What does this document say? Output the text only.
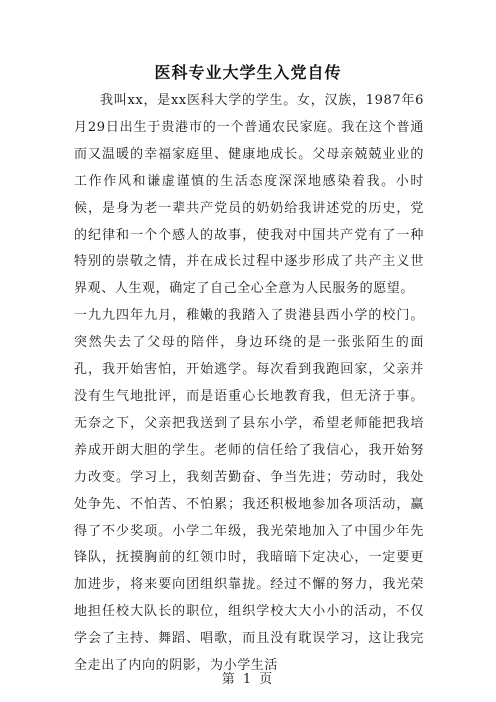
医科专业大学生入党自传

我叫xx，是xx医科大学的学生。女，汉族，1987年6月29日出生于贵港市的一个普通农民家庭。我在这个普通而又温暖的幸福家庭里、健康地成长。父母亲兢兢业业的工作作风和谦虚谨慎的生活态度深深地感染着我。小时候，是身为老一辈共产党员的奶奶给我讲述党的历史，党的纪律和一个个感人的故事，使我对中国共产党有了一种特别的崇敬之情，并在成长过程中逐步形成了共产主义世界观、人生观，确定了自己全心全意为人民服务的愿望。

一九九四年九月，稚嫩的我踏入了贵港县西小学的校门。突然失去了父母的陪伴，身边环绕的是一张张陌生的面孔，我开始害怕，开始逃学。每次看到我跑回家，父亲并没有生气地批评，而是语重心长地教育我，但无济于事。无奈之下，父亲把我送到了县东小学，希望老师能把我培养成开朗大胆的学生。老师的信任给了我信心，我开始努力改变。学习上，我刻苦勤奋、争当先进；劳动时，我处处争先、不怕苦、不怕累；我还积极地参加各项活动，赢得了不少奖项。小学二年级，我光荣地加入了中国少年先锋队，抚摸胸前的红领巾时，我暗暗下定决心，一定要更加进步，将来要向团组织靠拢。经过不懈的努力，我光荣地担任校大队长的职位，组织学校大大小小的活动，不仅学会了主持、舞蹈、唱歌，而且没有耽误学习，这让我完全走出了内向的阴影，为小学生活

第 1 页
